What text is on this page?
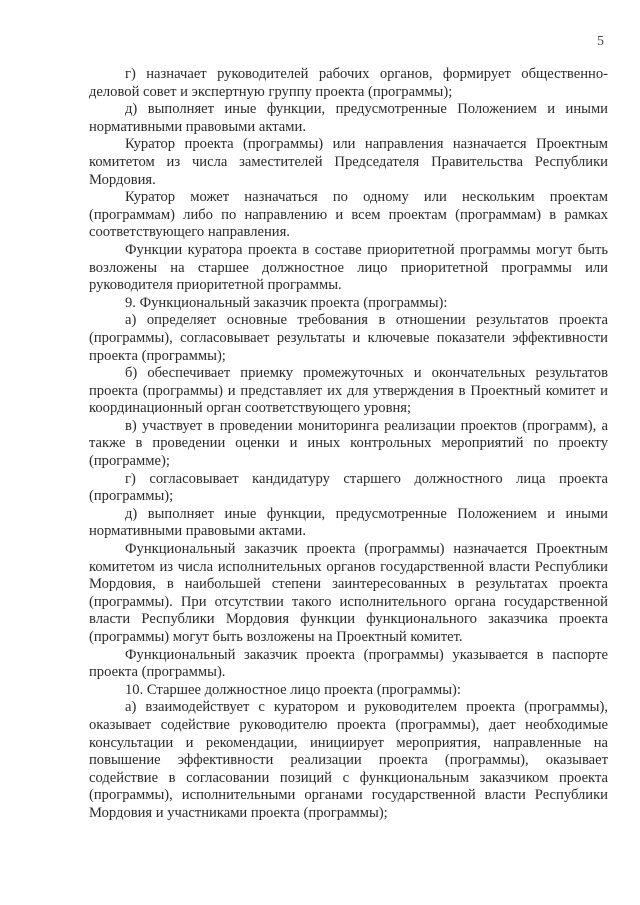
5

г) назначает руководителей рабочих органов, формирует общественно-деловой совет и экспертную группу проекта (программы);

д) выполняет иные функции, предусмотренные Положением и иными нормативными правовыми актами.

Куратор проекта (программы) или направления назначается Проектным комитетом из числа заместителей Председателя Правительства Республики Мордовия.

Куратор может назначаться по одному или нескольким проектам (программам) либо по направлению и всем проектам (программам) в рамках соответствующего направления.

Функции куратора проекта в составе приоритетной программы могут быть возложены на старшее должностное лицо приоритетной программы или руководителя приоритетной программы.

9. Функциональный заказчик проекта (программы):

а) определяет основные требования в отношении результатов проекта (программы), согласовывает результаты и ключевые показатели эффективности проекта (программы);

б) обеспечивает приемку промежуточных и окончательных результатов проекта (программы) и представляет их для утверждения в Проектный комитет и координационный орган соответствующего уровня;

в) участвует в проведении мониторинга реализации проектов (программ), а также в проведении оценки и иных контрольных мероприятий по проекту (программе);

г) согласовывает кандидатуру старшего должностного лица проекта (программы);

д) выполняет иные функции, предусмотренные Положением и иными нормативными правовыми актами.

Функциональный заказчик проекта (программы) назначается Проектным комитетом из числа исполнительных органов государственной власти Республики Мордовия, в наибольшей степени заинтересованных в результатах проекта (программы). При отсутствии такого исполнительного органа государственной власти Республики Мордовия функции функционального заказчика проекта (программы) могут быть возложены на Проектный комитет.

Функциональный заказчик проекта (программы) указывается в паспорте проекта (программы).

10. Старшее должностное лицо проекта (программы):

а) взаимодействует с куратором и руководителем проекта (программы), оказывает содействие руководителю проекта (программы), дает необходимые консультации и рекомендации, инициирует мероприятия, направленные на повышение эффективности реализации проекта (программы), оказывает содействие в согласовании позиций с функциональным заказчиком проекта (программы), исполнительными органами государственной власти Республики Мордовия и участниками проекта (программы);
